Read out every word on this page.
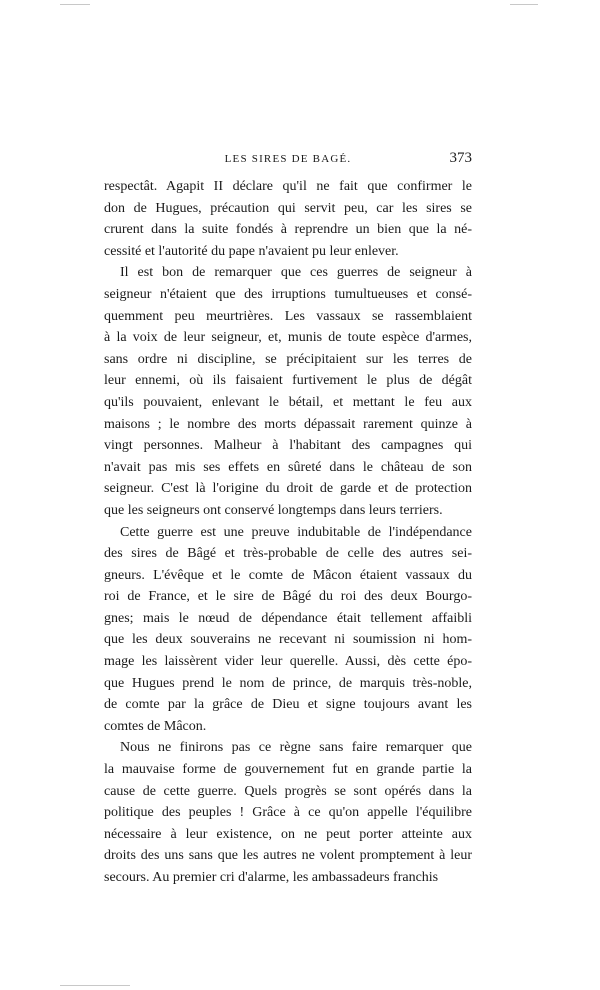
LES SIRES DE BAGÉ.	373

respectât. Agapit II déclare qu'il ne fait que confirmer le
don de Hugues, précaution qui servit peu, car les sires se
crurent dans la suite fondés à reprendre un bien que la né-
cessité et l'autorité du pape n'avaient pu leur enlever.

Il est bon de remarquer que ces guerres de seigneur à
seigneur n'étaient que des irruptions tumultueuses et consé-
quemment peu meurtrières. Les vassaux se rassemblaient
à la voix de leur seigneur, et, munis de toute espèce d'armes,
sans ordre ni discipline, se précipitaient sur les terres de
leur ennemi, où ils faisaient furtivement le plus de dégât
qu'ils pouvaient, enlevant le bétail, et mettant le feu aux
maisons ; le nombre des morts dépassait rarement quinze à
vingt personnes. Malheur à l'habitant des campagnes qui
n'avait pas mis ses effets en sûreté dans le château de son
seigneur. C'est là l'origine du droit de garde et de protection
que les seigneurs ont conservé longtemps dans leurs terriers.

Cette guerre est une preuve indubitable de l'indépendance
des sires de Bâgé et très-probable de celle des autres sei-
gneurs. L'évêque et le comte de Mâcon étaient vassaux du
roi de France, et le sire de Bâgé du roi des deux Bourgo-
gnes; mais le nœud de dépendance était tellement affaibli
que les deux souverains ne recevant ni soumission ni hom-
mage les laissèrent vider leur querelle. Aussi, dès cette épo-
que Hugues prend le nom de prince, de marquis très-noble,
de comte par la grâce de Dieu et signe toujours avant les
comtes de Mâcon.

Nous ne finirons pas ce règne sans faire remarquer que
la mauvaise forme de gouvernement fut en grande partie la
cause de cette guerre. Quels progrès se sont opérés dans la
politique des peuples ! Grâce à ce qu'on appelle l'équilibre
nécessaire à leur existence, on ne peut porter atteinte aux
droits des uns sans que les autres ne volent promptement à leur
secours. Au premier cri d'alarme, les ambassadeurs franchis
